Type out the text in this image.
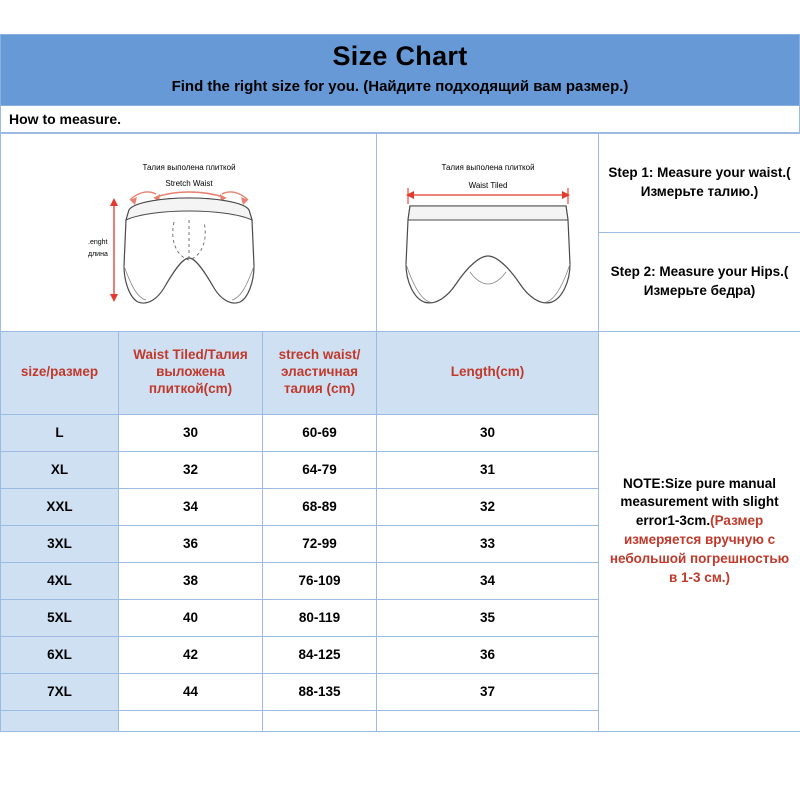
Size Chart
Find the right size for you. (Найдите подходящий вам размер.)
How to measure.
Талия выполена плиткой
Stretch Waist
.enght
длина

Талия выполена плиткой
Waist Tiled

Step 1: Measure your waist.( Измерьте талию.)
Step 2: Measure your Hips.( Измерьте бедра)

size/pазмер	Waist Tiled/Талия выложена плиткой(cm)	strech waist/эластичная талия (cm)	Length(cm)	NOTE:Size pure manual measurement with slight error1-3cm.(Размер измеряется вручную с небольшой погрешностью в 1-3 см.)
L	30	60-69	30
XL	32	64-79	31
XXL	34	68-89	32
3XL	36	72-99	33
4XL	38	76-109	34
5XL	40	80-119	35
6XL	42	84-125	36
7XL	44	88-135	37
